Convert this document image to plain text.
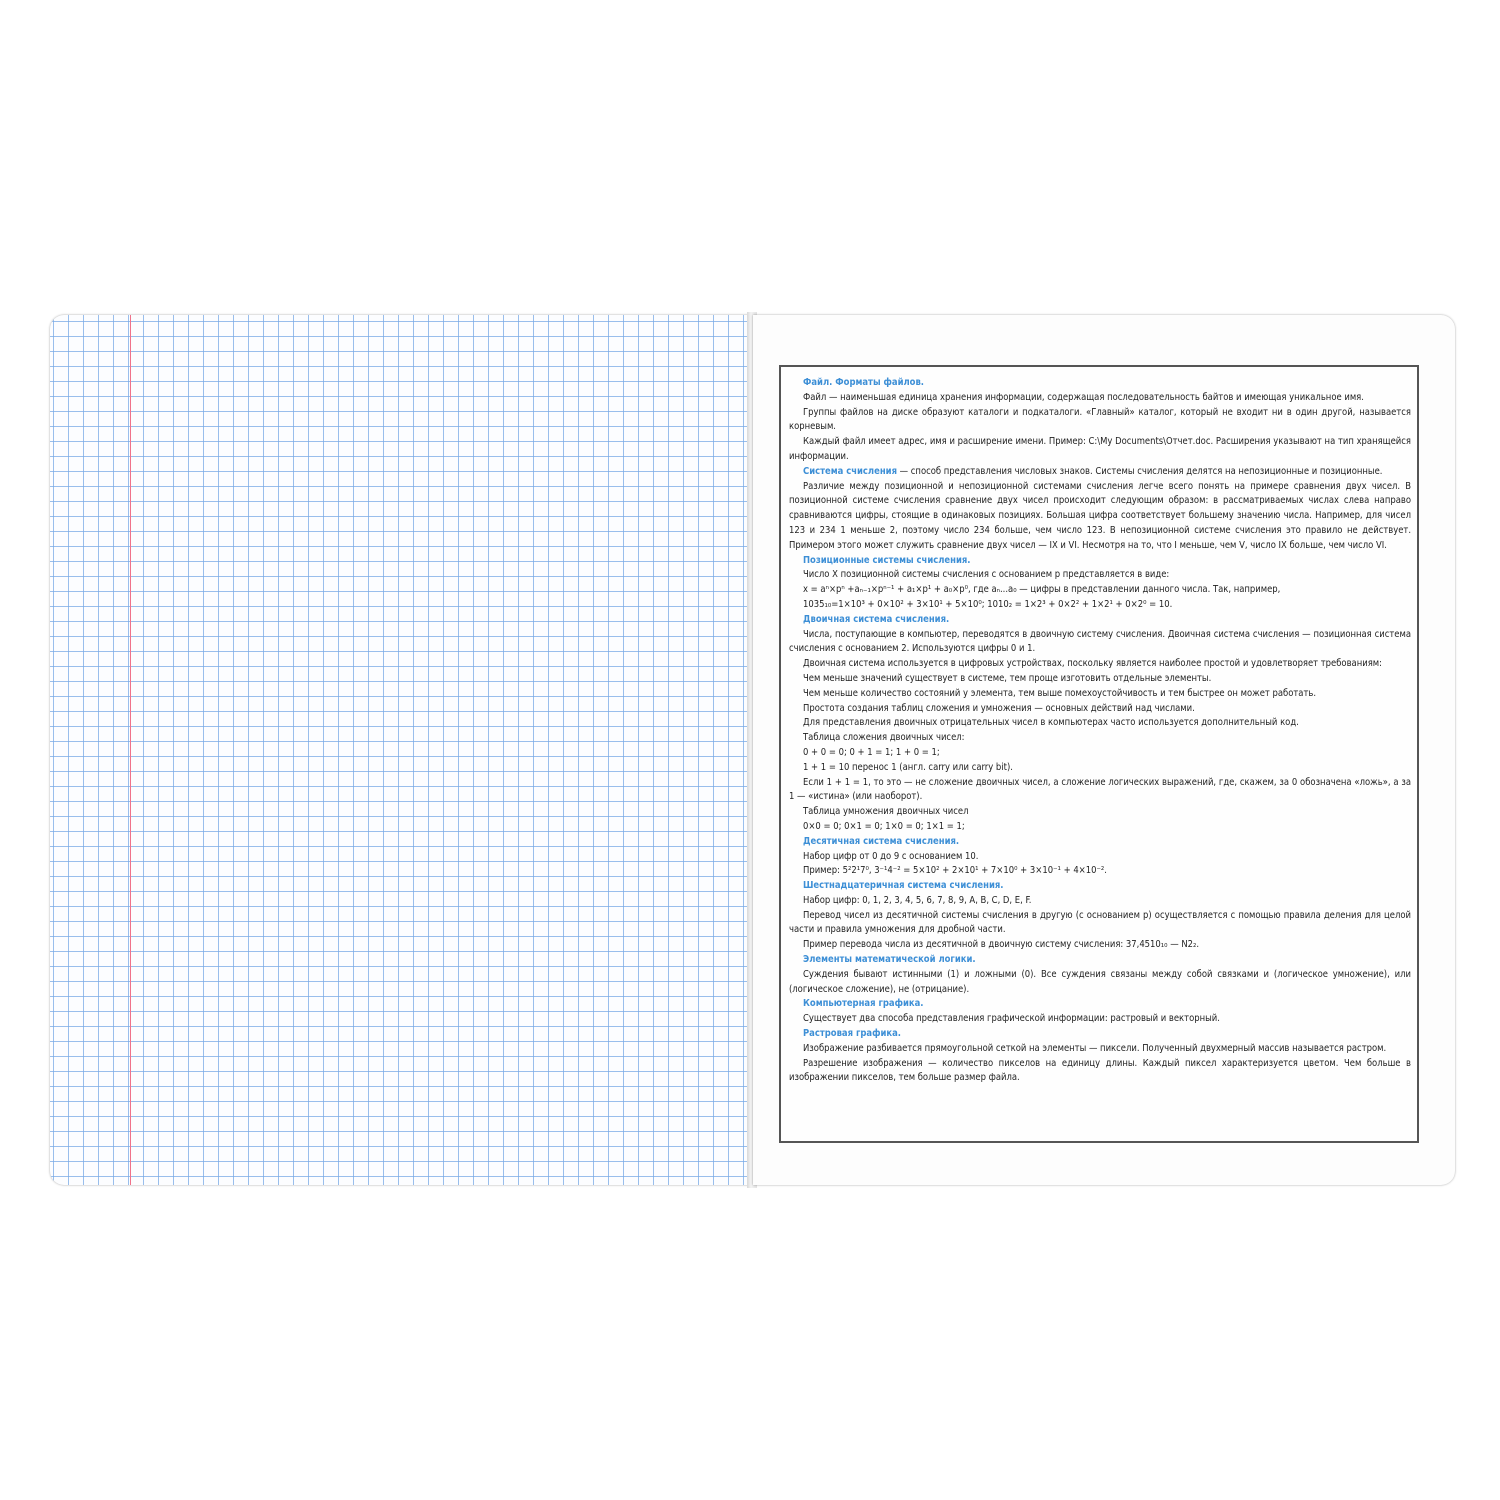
Файл. Форматы файлов.

Файл — наименьшая единица хранения информации, содержащая последовательность байтов и имеющая уникальное имя.

Группы файлов на диске образуют каталоги и подкаталоги. «Главный» каталог, который не входит ни в один другой, называется корневым.

Каждый файл имеет адрес, имя и расширение имени. Пример: C:\My Documents\Отчет.doc. Расширения указывают на тип хранящейся информации.

Система счисления — способ представления числовых знаков. Системы счисления делятся на непозиционные и позиционные.

Различие между позиционной и непозиционной системами счисления легче всего понять на примере сравнения двух чисел. В позиционной системе счисления сравнение двух чисел происходит следующим образом: в рассматриваемых числах слева направо сравниваются цифры, стоящие в одинаковых позициях. Большая цифра соответствует большему значению числа. Например, для чисел 123 и 234 1 меньше 2, поэтому число 234 больше, чем число 123. В непозиционной системе счисления это правило не действует. Примером этого может служить сравнение двух чисел — IX и VI. Несмотря на то, что I меньше, чем V, число IX больше, чем число VI.

Позиционные системы счисления.

Число X позиционной системы счисления с основанием p представляется в виде:

x = aⁿ×pⁿ +aₙ₋₁×pⁿ⁻¹ + a₁×p¹ + a₀×p⁰, где aₙ...a₀ — цифры в представлении данного числа. Так, например,

1035₁₀=1×10³ + 0×10² + 3×10¹ + 5×10⁰; 1010₂ = 1×2³ + 0×2² + 1×2¹ + 0×2⁰ = 10.

Двоичная система счисления.

Числа, поступающие в компьютер, переводятся в двоичную систему счисления. Двоичная система счисления — позиционная система счисления с основанием 2. Используются цифры 0 и 1.

Двоичная система используется в цифровых устройствах, поскольку является наиболее простой и удовлетворяет требованиям:

Чем меньше значений существует в системе, тем проще изготовить отдельные элементы.

Чем меньше количество состояний у элемента, тем выше помехоустойчивость и тем быстрее он может работать.

Простота создания таблиц сложения и умножения — основных действий над числами.

Для представления двоичных отрицательных чисел в компьютерах часто используется дополнительный код.

Таблица сложения двоичных чисел:

0 + 0 = 0; 0 + 1 = 1; 1 + 0 = 1;

1 + 1 = 10 перенос 1 (англ. carry или carry bit).

Если 1 + 1 = 1, то это — не сложение двоичных чисел, а сложение логических выражений, где, скажем, за 0 обозначена «ложь», а за 1 — «истина» (или наоборот).

Таблица умножения двоичных чисел

0×0 = 0; 0×1 = 0; 1×0 = 0; 1×1 = 1;

Десятичная система счисления.

Набор цифр от 0 до 9 с основанием 10.

Пример: 5²2¹7⁰, 3⁻¹4⁻² = 5×10² + 2×10¹ + 7×10⁰ + 3×10⁻¹ + 4×10⁻².

Шестнадцатеричная система счисления.

Набор цифр: 0, 1, 2, 3, 4, 5, 6, 7, 8, 9, A, B, C, D, E, F.

Перевод чисел из десятичной системы счисления в другую (с основанием p) осуществляется с помощью правила деления для целой части и правила умножения для дробной части.

Пример перевода числа из десятичной в двоичную систему счисления: 37,4510₁₀ — N2₂.

Элементы математической логики.

Суждения бывают истинными (1) и ложными (0). Все суждения связаны между собой связками и (логическое умножение), или (логическое сложение), не (отрицание).

Компьютерная графика.

Существует два способа представления графической информации: растровый и векторный.

Растровая графика.

Изображение разбивается прямоугольной сеткой на элементы — пиксели. Полученный двухмерный массив называется растром.

Разрешение изображения — количество пикселов на единицу длины. Каждый пиксел характеризуется цветом. Чем больше в изображении пикселов, тем больше размер файла.
